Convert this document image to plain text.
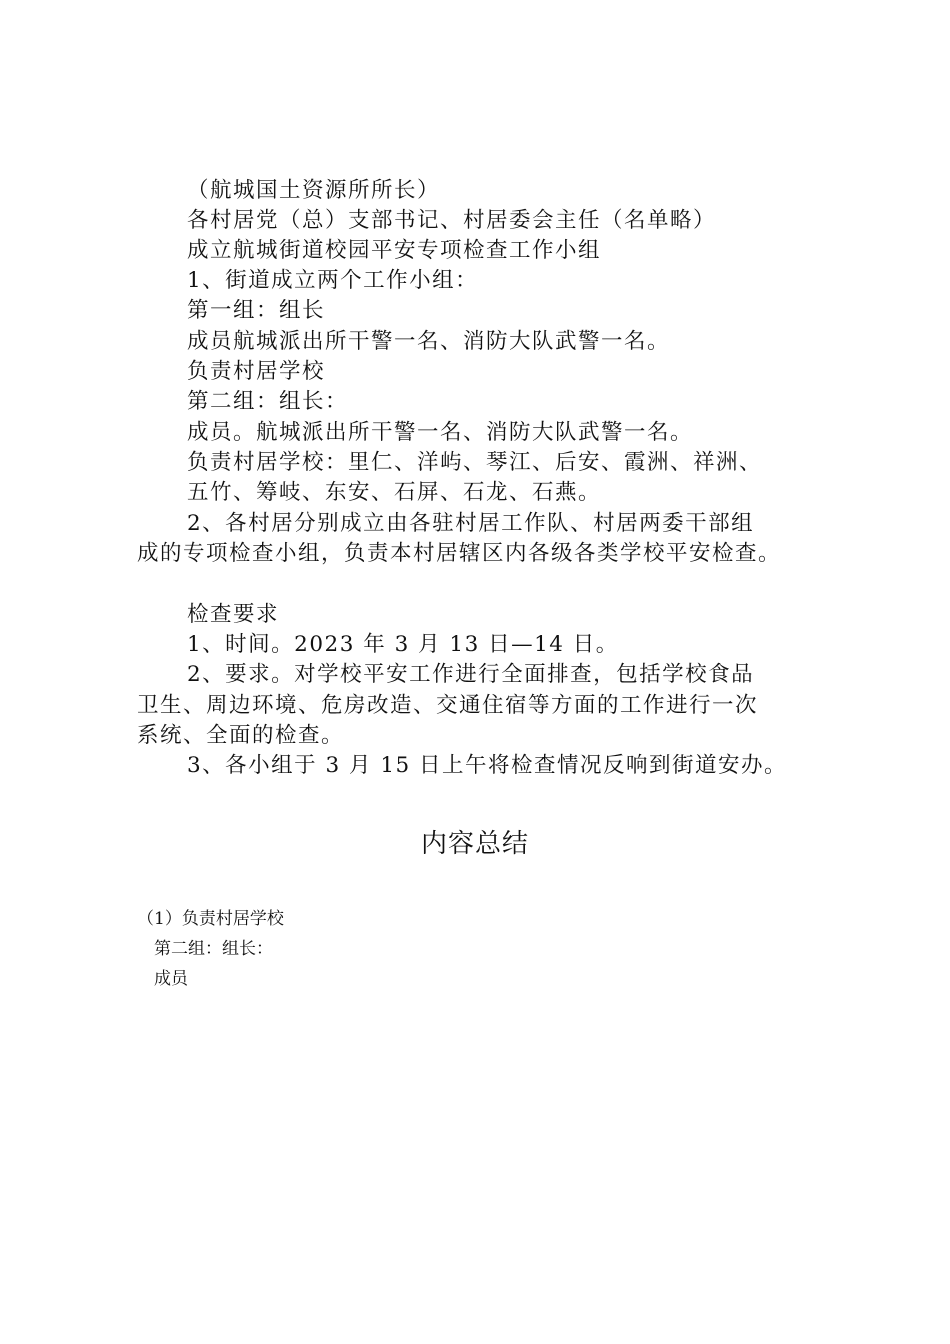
（航城国土资源所所长）
各村居党（总）支部书记、村居委会主任（名单略）
成立航城街道校园平安专项检查工作小组
1、街道成立两个工作小组：
第一组：组长
成员航城派出所干警一名、消防大队武警一名。
负责村居学校
第二组：组长：
成员。航城派出所干警一名、消防大队武警一名。
负责村居学校：里仁、洋屿、琴江、后安、霞洲、祥洲、
五竹、筹岐、东安、石屏、石龙、石燕。
2、各村居分别成立由各驻村居工作队、村居两委干部组
成的专项检查小组，负责本村居辖区内各级各类学校平安检查。
检查要求
1、时间。2023 年 3 月 13 日—14 日。
2、要求。对学校平安工作进行全面排查，包括学校食品
卫生、周边环境、危房改造、交通住宿等方面的工作进行一次
系统、全面的检查。
3、各小组于 3 月 15 日上午将检查情况反响到街道安办。
内容总结
（1）负责村居学校
第二组：组长：
成员
